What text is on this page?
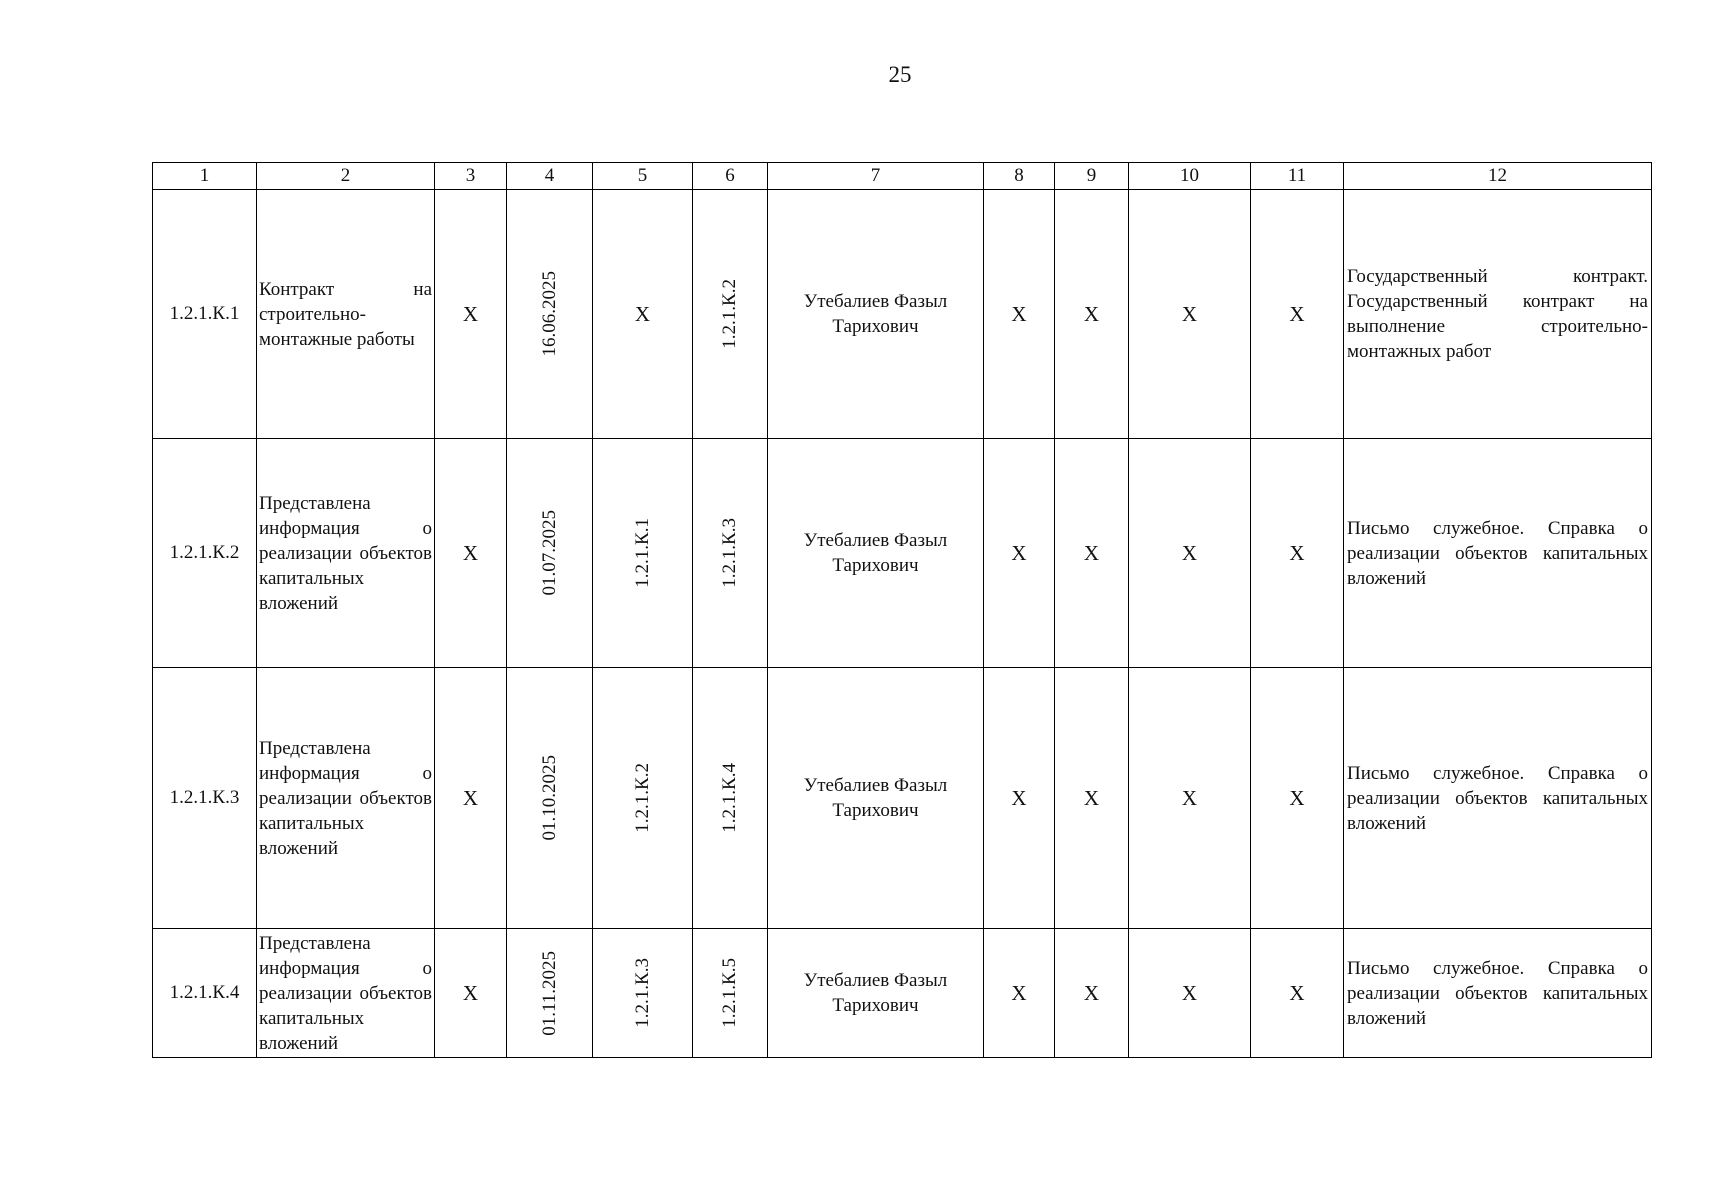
25
1	2	3	4	5	6	7	8	9	10	11	12
1.2.1.К.1	Контракт на строительно-монтажные работы	X	16.06.2025	X	1.2.1.К.2	Утебалиев Фазыл Тарихович	X	X	X	X	Государственный контракт. Государственный контракт на выполнение строительно-монтажных работ

1.2.1.К.2	Представлена информация о реализации объектов капитальных вложений	X	01.07.2025	1.2.1.К.1	1.2.1.К.3	Утебалиев Фазыл Тарихович	X	X	X	X	Письмо служебное. Справка о реализации объектов капитальных вложений

1.2.1.К.3	Представлена информация о реализации объектов капитальных вложений	X	01.10.2025	1.2.1.К.2	1.2.1.К.4	Утебалиев Фазыл Тарихович	X	X	X	X	Письмо служебное. Справка о реализации объектов капитальных вложений

1.2.1.К.4	Представлена информация о реализации объектов капитальных вложений	X	01.11.2025	1.2.1.К.3	1.2.1.К.5	Утебалиев Фазыл Тарихович	X	X	X	X	Письмо служебное. Справка о реализации объектов капитальных вложений
